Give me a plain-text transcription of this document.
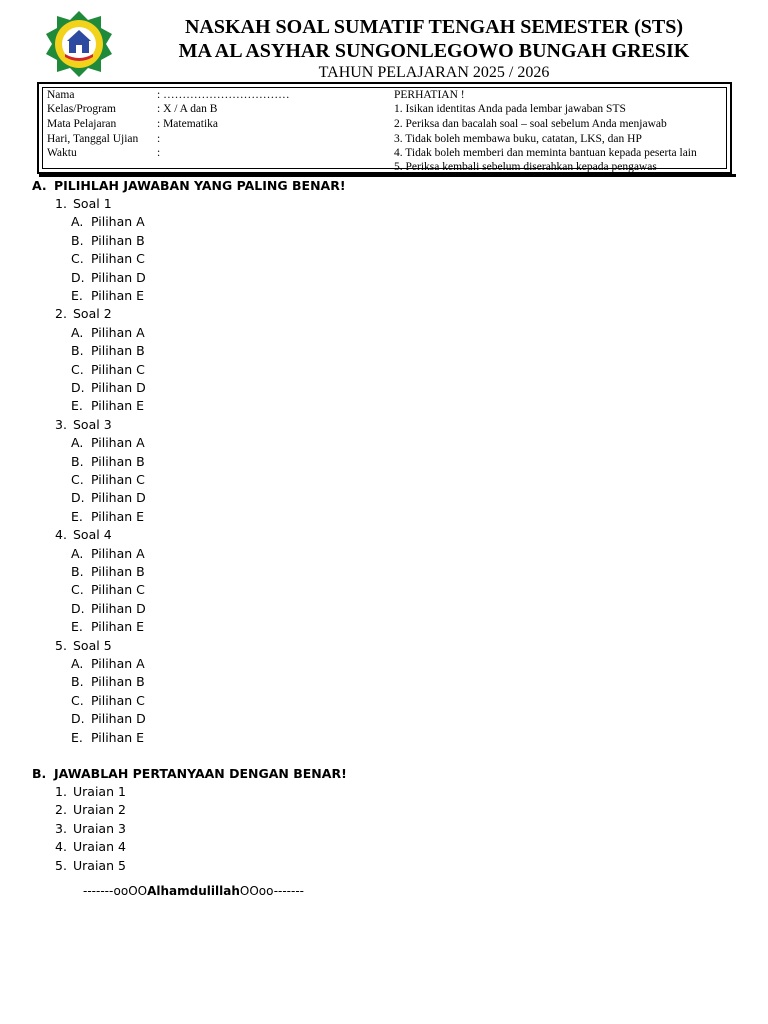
NASKAH SOAL SUMATIF TENGAH SEMESTER (STS)
MA AL ASYHAR SUNGONLEGOWO BUNGAH GRESIK
TAHUN PELAJARAN 2025 / 2026
Nama	: ……………………………
Kelas/Program	: X / A dan B
Mata Pelajaran	: Matematika
Hari, Tanggal Ujian :
Waktu	:
PERHATIAN !
1. Isikan identitas Anda pada lembar jawaban STS
2. Periksa dan bacalah soal – soal sebelum Anda menjawab
3. Tidak boleh membawa buku, catatan, LKS, dan HP
4. Tidak boleh memberi dan meminta bantuan kepada peserta lain
5. Periksa kembali sebelum diserahkan kepada pengawas
A. PILIHLAH JAWABAN YANG PALING BENAR!
1. Soal 1
A. Pilihan A
B. Pilihan B
C. Pilihan C
D. Pilihan D
E. Pilihan E
2. Soal 2
A. Pilihan A
B. Pilihan B
C. Pilihan C
D. Pilihan D
E. Pilihan E
3. Soal 3
A. Pilihan A
B. Pilihan B
C. Pilihan C
D. Pilihan D
E. Pilihan E
4. Soal 4
A. Pilihan A
B. Pilihan B
C. Pilihan C
D. Pilihan D
E. Pilihan E
5. Soal 5
A. Pilihan A
B. Pilihan B
C. Pilihan C
D. Pilihan D
E. Pilihan E
B. JAWABLAH PERTANYAAN DENGAN BENAR!
1. Uraian 1
2. Uraian 2
3. Uraian 3
4. Uraian 4
5. Uraian 5
-------ooOOAlhamdulillahOOoo-------
